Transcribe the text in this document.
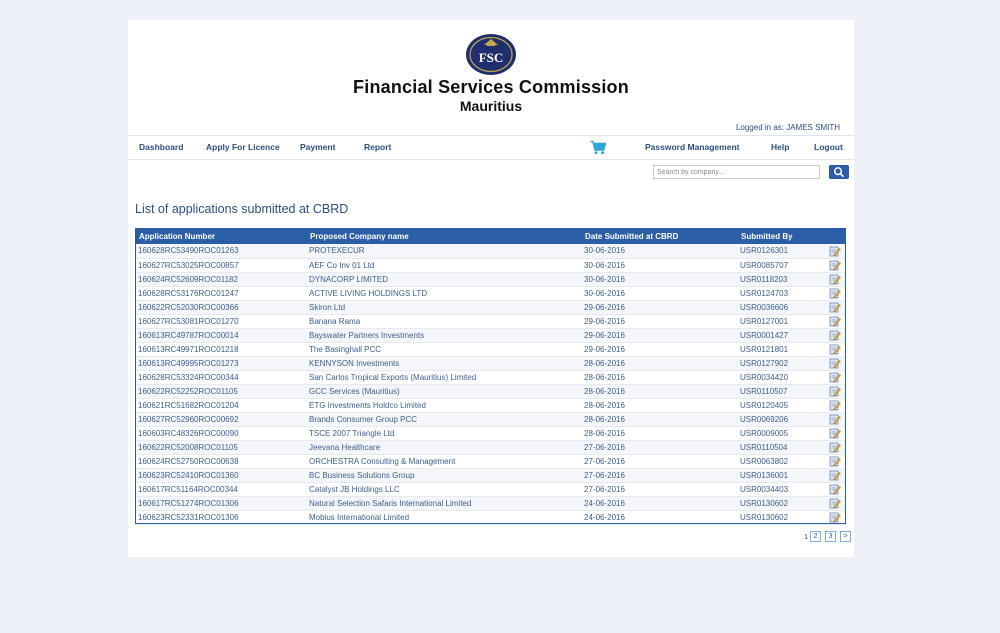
FSC
Financial Services Commission
Mauritius
Logged in as: JAMES SMITH
Dashboard	Apply For Licence Payment	Report	Password Management	Help	Logout
Search by company...
List of applications submitted at CBRD
Application Number	Proposed Company name	Date Submitted at CBRD	Submitted By	
160628RC53490ROC01263	PROTEXECUR	30-06-2016	USR0126301	
160627RC53025ROC00857	AEF Co Inv 01 Ltd	30-06-2016	USR0085707	
160624RC52609ROC01182	DYNACORP LIMITED	30-06-2016	USR0118203	
160628RC53176ROC01247	ACTIVE LIVING HOLDINGS LTD	30-06-2016	USR0124703	
160622RC52030ROC00366	Skiron Ltd	29-06-2016	USR0036606	
160627RC53081ROC01270	Banana Rama	29-06-2016	USR0127001	
160613RC49787ROC00014	Bayswater Partners Investments	29-06-2016	USR0001427	
160613RC49971ROC01218	The Basinghall PCC	29-06-2016	USR0121801	
160613RC49995ROC01273	KENNYSON Investments	28-06-2016	USR0127902	
160628RC53324ROC00344	San Carlos Tropical Exports (Mauritius) Limited	28-06-2016	USR0034420	
160622RC52252ROC01105	GCC Services (Mauritius)	28-06-2016	USR0110507	
160621RC51682ROC01204	ETG Investments Holdco Limited	28-06-2016	USR0120405	
160627RC52960ROC00692	Brands Consumer Group PCC	28-06-2016	USR0069206	
160603RC48326ROC00090	TSCE 2007 Triangle Ltd	28-06-2016	USR0009005	
160622RC52008ROC01105	Jeevana Healthcare	27-06-2016	USR0110504	
160624RC52750ROC00638	ORCHESTRA Consulting & Management	27-06-2016	USR0063802	
160623RC52410ROC01360	BC Business Solutions Group	27-06-2016	USR0136001	
160617RC51164ROC00344	Catalyst JB Holdings LLC	27-06-2016	USR0034403	
160617RC51274ROC01306	Natural Selection Safaris International Limited	24-06-2016	USR0130602	
160623RC52331ROC01306	Mobius International Limited	24-06-2016	USR0130602	
1 2	3	>
